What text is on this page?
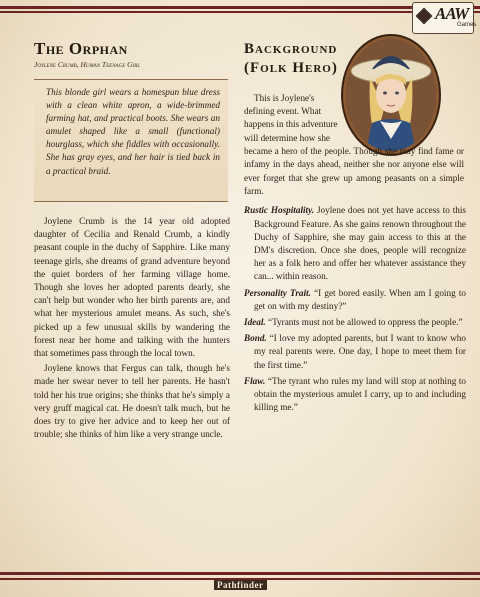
AAW
Games
The Orphan
Joylene Crumb, Human Teenage Girl
This blonde girl wears a homespun blue dress with a clean white apron, a wide-brimmed farming hat, and practical boots. She wears an amulet shaped like a small (functional) hourglass, which she fiddles with occasionally. She has gray eyes, and her hair is tied back in a practical braid.

Joylene Crumb is the 14 year old adopted daughter of Cecilia and Renald Crumb, a kindly peasant couple in the duchy of Sapphire. Like many teenage girls, she dreams of grand adventure beyond the quiet borders of her farming village home. Though she loves her adopted parents dearly, she can't help but wonder who her birth parents are, and what her mysterious amulet means. As such, she's picked up a few unusual skills by wandering the forest near her home and talking with the hunters that sometimes pass through the local town.

Joylene knows that Fergus can talk, though he's made her swear never to tell her parents. He hasn't told her his true origins; she thinks that he's simply a very gruff magical cat. He doesn't talk much, but he does try to give her advice and to keep her out of trouble; she thinks of him like a very strange uncle.

Background
(Folk Hero)
This is Joylene's defining event. What happens in this adventure will determine how she

became a hero of the people. Though she may find fame or infamy in the days ahead, neither she nor anyone else will ever forget that she grew up among peasants on a simple farm.

Rustic Hospitality. Joylene does not yet have access to this Background Feature. As she gains renown throughout the Duchy of Sapphire, she may gain access to this at the DM's discretion. Once she does, people will recognize her as a folk hero and offer her whatever assistance they can... within reason.

Personality Trait. “I get bored easily. When am I going to get on with my destiny?”

Ideal. “Tyrants must not be allowed to oppress the people.”

Bond. “I love my adopted parents, but I want to know who my real parents were. One day, I hope to meet them for the first time.”

Flaw. “The tyrant who rules my land will stop at nothing to obtain the mysterious amulet I carry, up to and including killing me.”

Pathfinder
